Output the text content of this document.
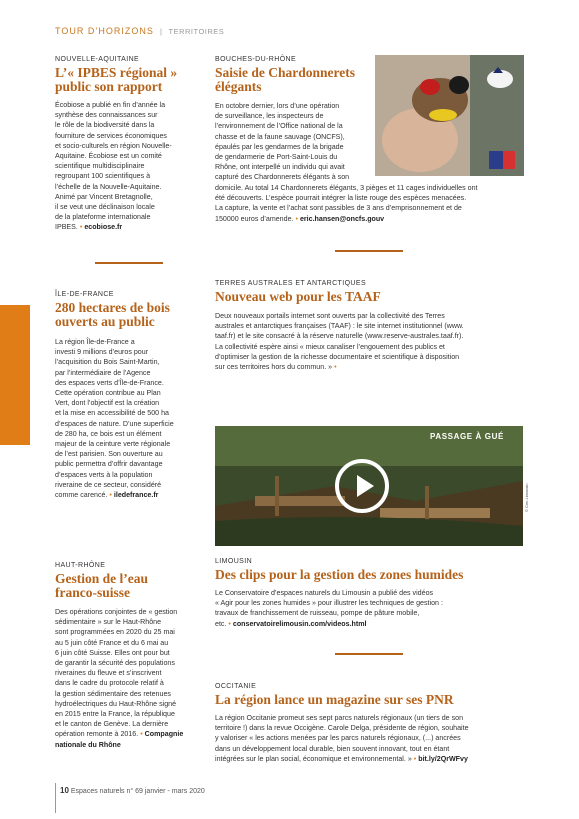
TOUR D’HORIZONS  |  TERRITOIRES
NOUVELLE-AQUITAINE
L’« IPBES régional »
public son rapport
Écobiose a publié en fin d’année la
synthèse des connaissances sur
le rôle de la biodiversité dans la
fourniture de services économiques
et socio-culturels en région Nouvelle-
Aquitaine. Écobiose est un comité
scientifique multidisciplinaire
regroupant 100 scientifiques à
l’échelle de la Nouvelle-Aquitaine.
Animé par Vincent Bretagnolle,
il se veut une déclinaison locale
de la plateforme internationale
IPBES. • ecobiose.fr
BOUCHES-DU-RHÔNE
Saisie de Chardonnerets
élégants
En octobre dernier, lors d’une opération
de surveillance, les inspecteurs de
l’environnement de l’Office national de la
chasse et de la faune sauvage (ONCFS),
épaulés par les gendarmes de la brigade
de gendarmerie de Port-Saint-Louis du
Rhône, ont interpellé un individu qui avait
capturé des Chardonnerets élégants à son
domicile. Au total 14 Chardonnerets élégants, 3 pièges et 11 cages individuelles ont
été découverts. L’espèce pourrait intégrer la liste rouge des espèces menacées.
La capture, la vente et l’achat sont passibles de 3 ans d’emprisonnement et de
150000 euros d’amende. • eric.hansen@oncfs.gouv
ÎLE-DE-FRANCE
280 hectares de bois
ouverts au public
La région Île-de-France a
investi 9 millions d’euros pour
l’acquisition du Bois Saint-Martin,
par l’intermédiaire de l’Agence
des espaces verts d’Île-de-France.
Cette opération contribue au Plan
Vert, dont l’objectif est la création
et la mise en accessibilité de 500 ha
d’espaces de nature. D’une superficie
de 280 ha, ce bois est un élément
majeur de la ceinture verte régionale
de l’est parisien. Son ouverture au
public permettra d’offrir davantage
d’espaces verts à la population
riveraine de ce secteur, considéré
comme carencé. • iledefrance.fr
TERRES AUSTRALES ET ANTARCTIQUES
Nouveau web pour les TAAF
Deux nouveaux portails internet sont ouverts par la collectivité des Terres
australes et antarctiques françaises (TAAF) : le site internet institutionnel (www.
taaf.fr) et le site consacré à la réserve naturelle (www.reserve-australes.taaf.fr).
La collectivité espère ainsi « mieux canaliser l’engouement des publics et
d’optimiser la gestion de la richesse documentaire et scientifique à disposition
sur ces territoires hors du commun. » •
PASSAGE À GUÉ
© Cen Limousin
HAUT-RHÔNE
Gestion de l’eau
franco-suisse
Des opérations conjointes de « gestion
sédimentaire » sur le Haut-Rhône
sont programmées en 2020 du 25 mai
au 5 juin côté France et du 6 mai au
6 juin côté Suisse. Elles ont pour but
de garantir la sécurité des populations
riveraines du fleuve et s’inscrivent
dans le cadre du protocole relatif à
la gestion sédimentaire des retenues
hydroélectriques du Haut-Rhône signé
en 2015 entre la France, la république
et le canton de Genève. La dernière
opération remonte à 2016. • Compagnie
nationale du Rhône
LIMOUSIN
Des clips pour la gestion des zones humides
Le Conservatoire d’espaces naturels du Limousin a publié des vidéos
« Agir pour les zones humides » pour illustrer les techniques de gestion :
travaux de franchissement de ruisseau, pompe de pâture mobile,
etc. • conservatoirelimousin.com/videos.html
OCCITANIE
La région lance un magazine sur ses PNR
La région Occitanie promeut ses sept parcs naturels régionaux (un tiers de son
territoire !) dans la revue Occigène. Carole Delga, présidente de région, souhaite
y valoriser « les actions menées par les parcs naturels régionaux, (...) ancrées
dans un développement local durable, bien souvent innovant, tout en étant
intégrées sur le plan social, économique et environnemental. » • bit.ly/2QrWFvy
10 Espaces naturels n° 69 janvier - mars 2020
